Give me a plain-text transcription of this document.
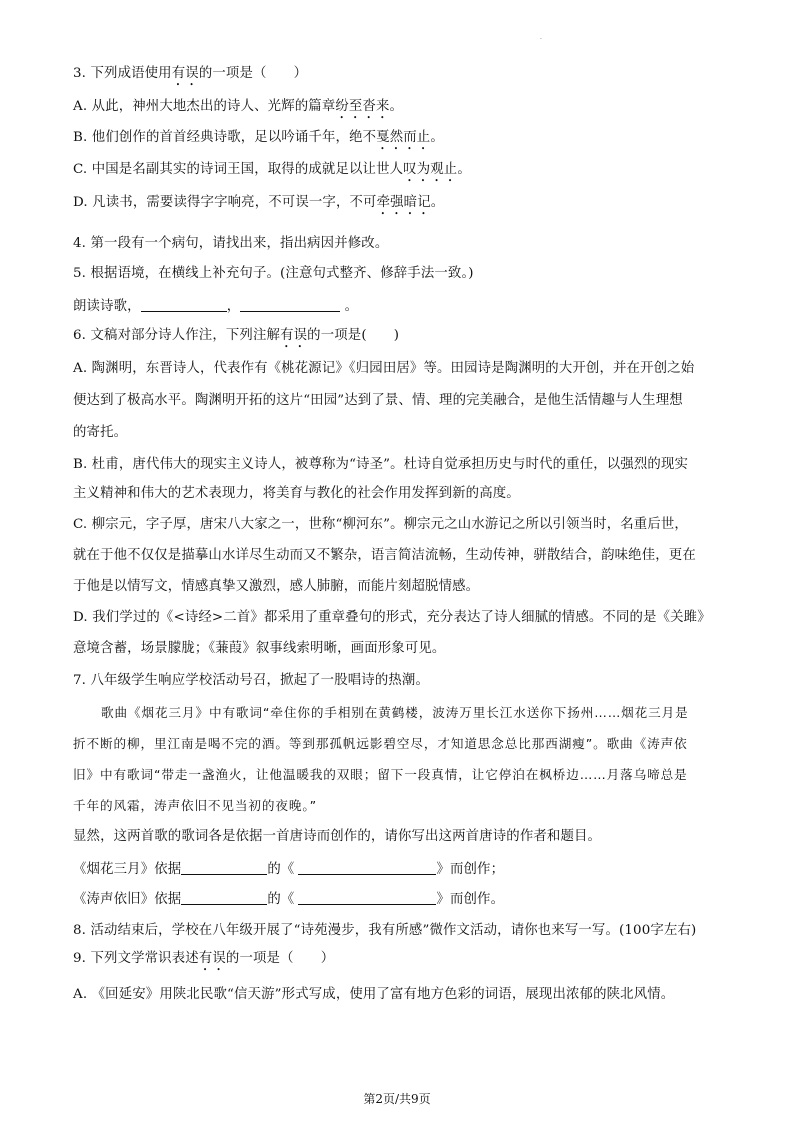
.
3. 下列成语使用有误的一项是（　　）
A. 从此，神州大地杰出的诗人、光辉的篇章纷至沓来。
B. 他们创作的首首经典诗歌，足以吟诵千年，绝不戛然而止。
C. 中国是名副其实的诗词王国，取得的成就足以让世人叹为观止。
D. 凡读书，需要读得字字响亮，不可误一字，不可牵强暗记。
4. 第一段有一个病句，请找出来，指出病因并修改。
5. 根据语境，在横线上补充句子。(注意句式整齐、修辞手法一致。)
朗读诗歌，	，	。
6. 文稿对部分诗人作注，下列注解有误的一项是(　　)
A. 陶渊明，东晋诗人，代表作有《桃花源记》《归园田居》等。田园诗是陶渊明的大开创，并在开创之始
便达到了极高水平。陶渊明开拓的这片“田园”达到了景、情、理的完美融合，是他生活情趣与人生理想
的寄托。
B. 杜甫，唐代伟大的现实主义诗人，被尊称为“诗圣”。杜诗自觉承担历史与时代的重任，以强烈的现实
主义精神和伟大的艺术表现力，将美育与教化的社会作用发挥到新的高度。
C. 柳宗元，字子厚，唐宋八大家之一，世称“柳河东”。柳宗元之山水游记之所以引领当时，名重后世，
就在于他不仅仅是描摹山水详尽生动而又不繁杂，语言简洁流畅，生动传神，骈散结合，韵味绝佳，更在
于他是以情写文，情感真挚又激烈，感人肺腑，而能片刻超脱情感。
D. 我们学过的《<诗经>二首》都采用了重章叠句的形式，充分表达了诗人细腻的情感。不同的是《关雎》
意境含蓄，场景朦胧；《蒹葭》叙事线索明晰，画面形象可见。
7. 八年级学生响应学校活动号召，掀起了一股唱诗的热潮。
歌曲《烟花三月》中有歌词“牵住你的手相别在黄鹤楼，波涛万里长江水送你下扬州……烟花三月是
折不断的柳，里江南是喝不完的酒。等到那孤帆远影碧空尽，才知道思念总比那西湖瘦”。歌曲《涛声依
旧》中有歌词“带走一盏渔火，让他温暖我的双眼；留下一段真情，让它停泊在枫桥边……月落乌啼总是
千年的风霜，涛声依旧不见当初的夜晚。”
显然，这两首歌的歌词各是依据一首唐诗而创作的，请你写出这两首唐诗的作者和题目。
《烟花三月》依据	的《	》而创作；
《涛声依旧》依据	的《	》而创作。
8. 活动结束后，学校在八年级开展了“诗苑漫步，我有所感”微作文活动，请你也来写一写。(100字左右)
9. 下列文学常识表述有误的一项是（　　）
A. 《回延安》用陕北民歌“信天游”形式写成，使用了富有地方色彩的词语，展现出浓郁的陕北风情。
第2页/共9页
